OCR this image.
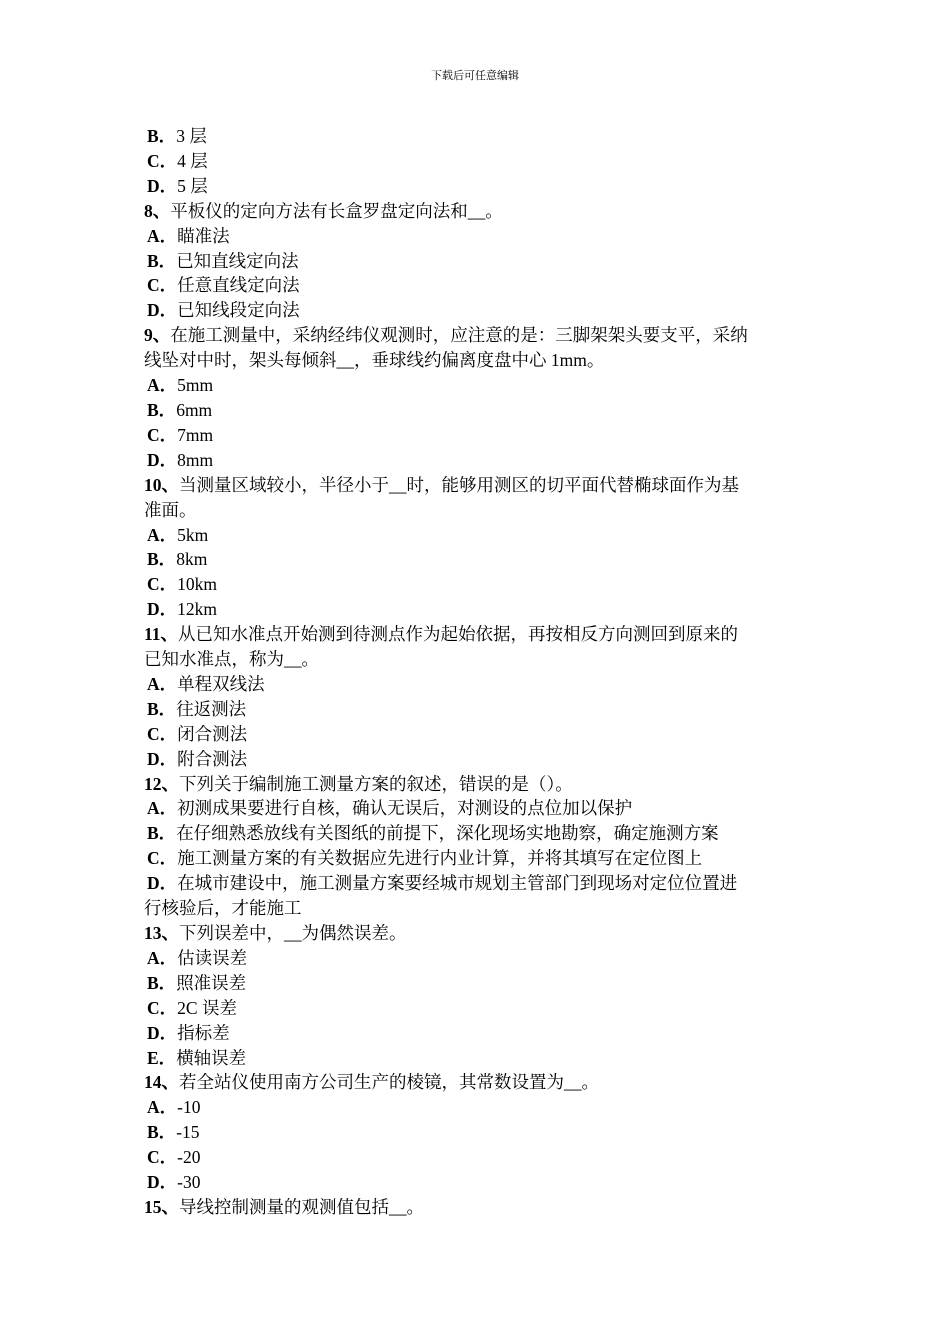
下载后可任意编辑
B．3 层
C．4 层
D．5 层
8、平板仪的定向方法有长盒罗盘定向法和__。
A．瞄准法
B．已知直线定向法
C．任意直线定向法
D．已知线段定向法
9、在施工测量中，采纳经纬仪观测时，应注意的是：三脚架架头要支平，采纳
线坠对中时，架头每倾斜__，垂球线约偏离度盘中心 1mm。
A．5mm
B．6mm
C．7mm
D．8mm
10、当测量区域较小，半径小于__时，能够用测区的切平面代替椭球面作为基
准面。
A．5km
B．8km
C．10km
D．12km
11、从已知水准点开始测到待测点作为起始依据，再按相反方向测回到原来的
已知水准点，称为__。
A．单程双线法
B．往返测法
C．闭合测法
D．附合测法
12、下列关于编制施工测量方案的叙述，错误的是（）。
A．初测成果要进行自核，确认无误后，对测设的点位加以保护
B．在仔细熟悉放线有关图纸的前提下，深化现场实地勘察，确定施测方案
C．施工测量方案的有关数据应先进行内业计算，并将其填写在定位图上
D．在城市建设中，施工测量方案要经城市规划主管部门到现场对定位位置进
行核验后，才能施工
13、下列误差中，__为偶然误差。
A．估读误差
B．照准误差
C．2C 误差
D．指标差
E．横轴误差
14、若全站仪使用南方公司生产的棱镜，其常数设置为__。
A．-10
B．-15
C．-20
D．-30
15、导线控制测量的观测值包括__。
